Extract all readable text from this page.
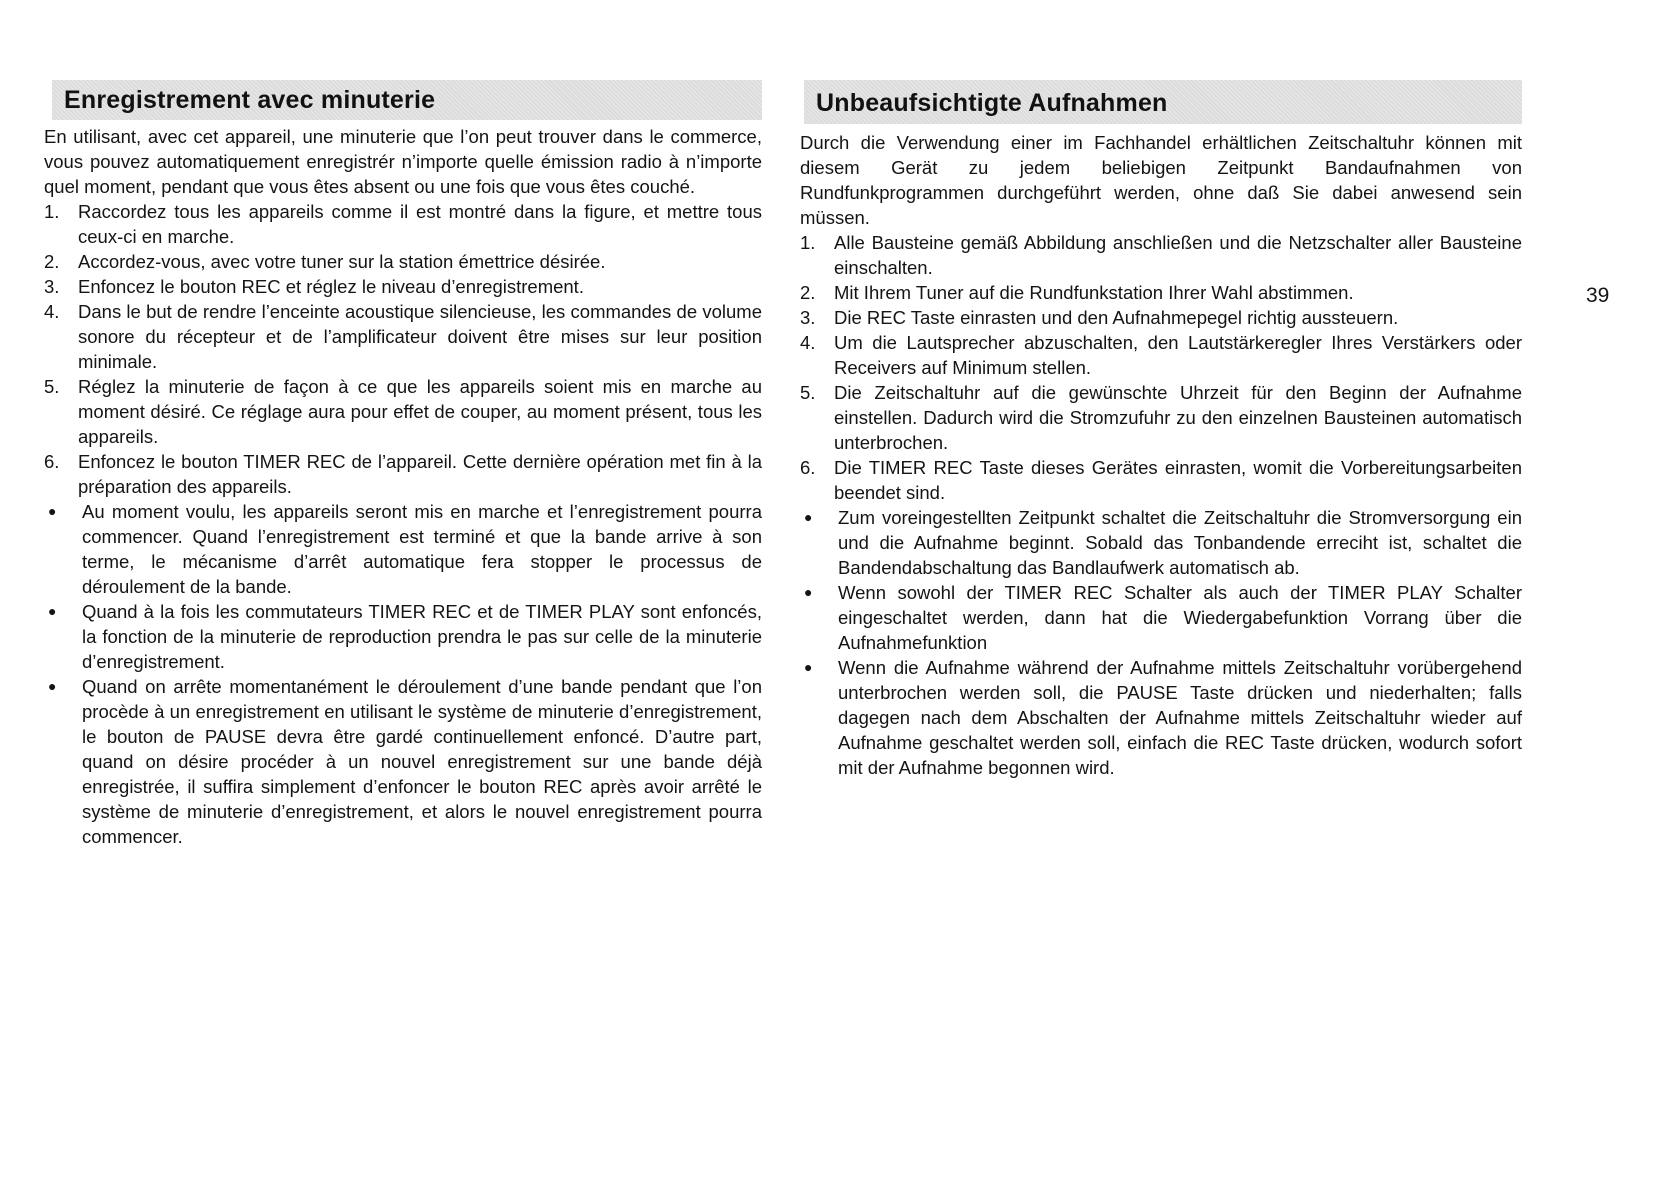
Enregistrement avec minuterie
En utilisant, avec cet appareil, une minuterie que l’on peut trouver dans le commerce, vous pouvez automatiquement enregistrér n’importe quelle émission radio à n’importe quel moment, pendant que vous êtes absent ou une fois que vous êtes couché.
1.	Raccordez tous les appareils comme il est montré dans la figure, et mettre tous ceux-ci en marche.
2.	Accordez-vous, avec votre tuner sur la station émettrice désirée.
3.	Enfoncez le bouton REC et réglez le niveau d’enregistrement.
4.	Dans le but de rendre l’enceinte acoustique silencieuse, les commandes de volume sonore du récepteur et de l’amplificateur doivent être mises sur leur position minimale.
5.	Réglez la minuterie de façon à ce que les appareils soient mis en marche au moment désiré. Ce réglage aura pour effet de couper, au moment présent, tous les appareils.
6.	Enfoncez le bouton TIMER REC de l’appareil. Cette dernière opération met fin à la préparation des appareils.
●	Au moment voulu, les appareils seront mis en marche et l’enregistrement pourra commencer. Quand l’enregistrement est terminé et que la bande arrive à son terme, le mécanisme d’arrêt automatique fera stopper le processus de déroulement de la bande.
●	Quand à la fois les commutateurs TIMER REC et de TIMER PLAY sont enfoncés, la fonction de la minuterie de reproduction prendra le pas sur celle de la minuterie d’enregistrement.
●	Quand on arrête momentanément le déroulement d’une bande pendant que l’on procède à un enregistrement en utilisant le système de minuterie d’enregistrement, le bouton de PAUSE devra être gardé continuellement enfoncé. D’autre part, quand on désire procéder à un nouvel enregistrement sur une bande déjà enregistrée, il suffira simplement d’enfoncer le bouton REC après avoir arrêté le système de minuterie d’enregistrement, et alors le nouvel enregistrement pourra commencer.
Unbeaufsichtigte Aufnahmen
Durch die Verwendung einer im Fachhandel erhältlichen Zeitschaltuhr können mit diesem Gerät zu jedem beliebigen Zeitpunkt Bandaufnahmen von Rundfunkprogrammen durchgeführt werden, ohne daß Sie dabei anwesend sein müssen.
1.	Alle Bausteine gemäß Abbildung anschließen und die Netzschalter aller Bausteine einschalten.
2.	Mit Ihrem Tuner auf die Rundfunkstation Ihrer Wahl abstimmen.
3.	Die REC Taste einrasten und den Aufnahmepegel richtig aussteuern.
4.	Um die Lautsprecher abzuschalten, den Lautstärkeregler Ihres Verstärkers oder Receivers auf Minimum stellen.
5.	Die Zeitschaltuhr auf die gewünschte Uhrzeit für den Beginn der Aufnahme einstellen. Dadurch wird die Stromzufuhr zu den einzelnen Bausteinen automatisch unterbrochen.
6.	Die TIMER REC Taste dieses Gerätes einrasten, womit die Vorbereitungsarbeiten beendet sind.
●	Zum voreingestellten Zeitpunkt schaltet die Zeitschaltuhr die Stromversorgung ein und die Aufnahme beginnt. Sobald das Tonbandende erreciht ist, schaltet die Bandendabschaltung das Bandlaufwerk automatisch ab.
●	Wenn sowohl der TIMER REC Schalter als auch der TIMER PLAY Schalter eingeschaltet werden, dann hat die Wiedergabefunktion Vorrang über die Aufnahmefunktion
●	Wenn die Aufnahme während der Aufnahme mittels Zeitschaltuhr vorübergehend unterbrochen werden soll, die PAUSE Taste drücken und niederhalten; falls dagegen nach dem Abschalten der Aufnahme mittels Zeitschaltuhr wieder auf Aufnahme geschaltet werden soll, einfach die REC Taste drücken, wodurch sofort mit der Aufnahme begonnen wird.
39
